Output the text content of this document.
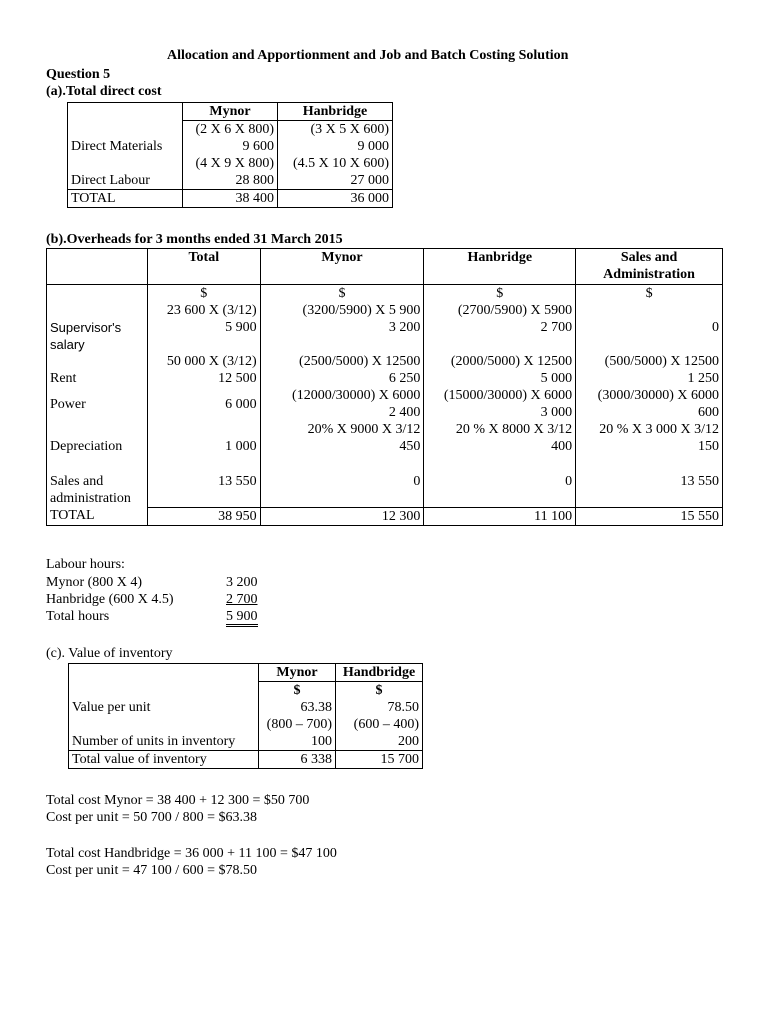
Allocation and Apportionment and Job and Batch Costing Solution
Question 5
(a).Total direct cost
	Mynor	Hanbridge
	(2 X 6 X 800)	(3 X 5 X 600)
Direct Materials	9 600	9 000
	(4 X 9 X 800)	(4.5 X 10 X 600)
Direct Labour	28 800	27 000
TOTAL	38 400	36 000
(b).Overheads for 3 months ended 31 March 2015
	Total	Mynor	Hanbridge	Sales and Administration
	$	$	$	$
	23 600 X (3/12)	(3200/5900) X 5 900	(2700/5900) X 5900	
Supervisor's salary	5 900	3 200	2 700	0

	50 000 X (3/12)	(2500/5000) X 12500	(2000/5000) X 12500	(500/5000) X 12500
Rent	12 500	6 250	5 000	1 250
		(12000/30000) X 6000	(15000/30000) X 6000	(3000/30000) X 6000
Power	6 000	2 400	3 000	600
		20% X 9000 X 3/12	20 % X 8000 X 3/12	20 % X 3 000 X 3/12
Depreciation	1 000	450	400	150

Sales and	13 550	0	0	13 550
administration				
TOTAL	38 950	12 300	11 100	15 550
Labour hours:
Mynor (800 X 4)	3 200
Hanbridge (600 X 4.5)	2 700
Total hours	5 900
(c). Value of inventory
	Mynor	Handbridge
	$	$
Value per unit	63.38	78.50
	(800 – 700)	(600 – 400)
Number of units in inventory	100	200
Total value of inventory	6 338	15 700
Total cost Mynor = 38 400 + 12 300 = $50 700
Cost per unit = 50 700 / 800 = $63.38
Total cost Handbridge = 36 000 + 11 100 = $47 100
Cost per unit = 47 100 / 600 = $78.50
